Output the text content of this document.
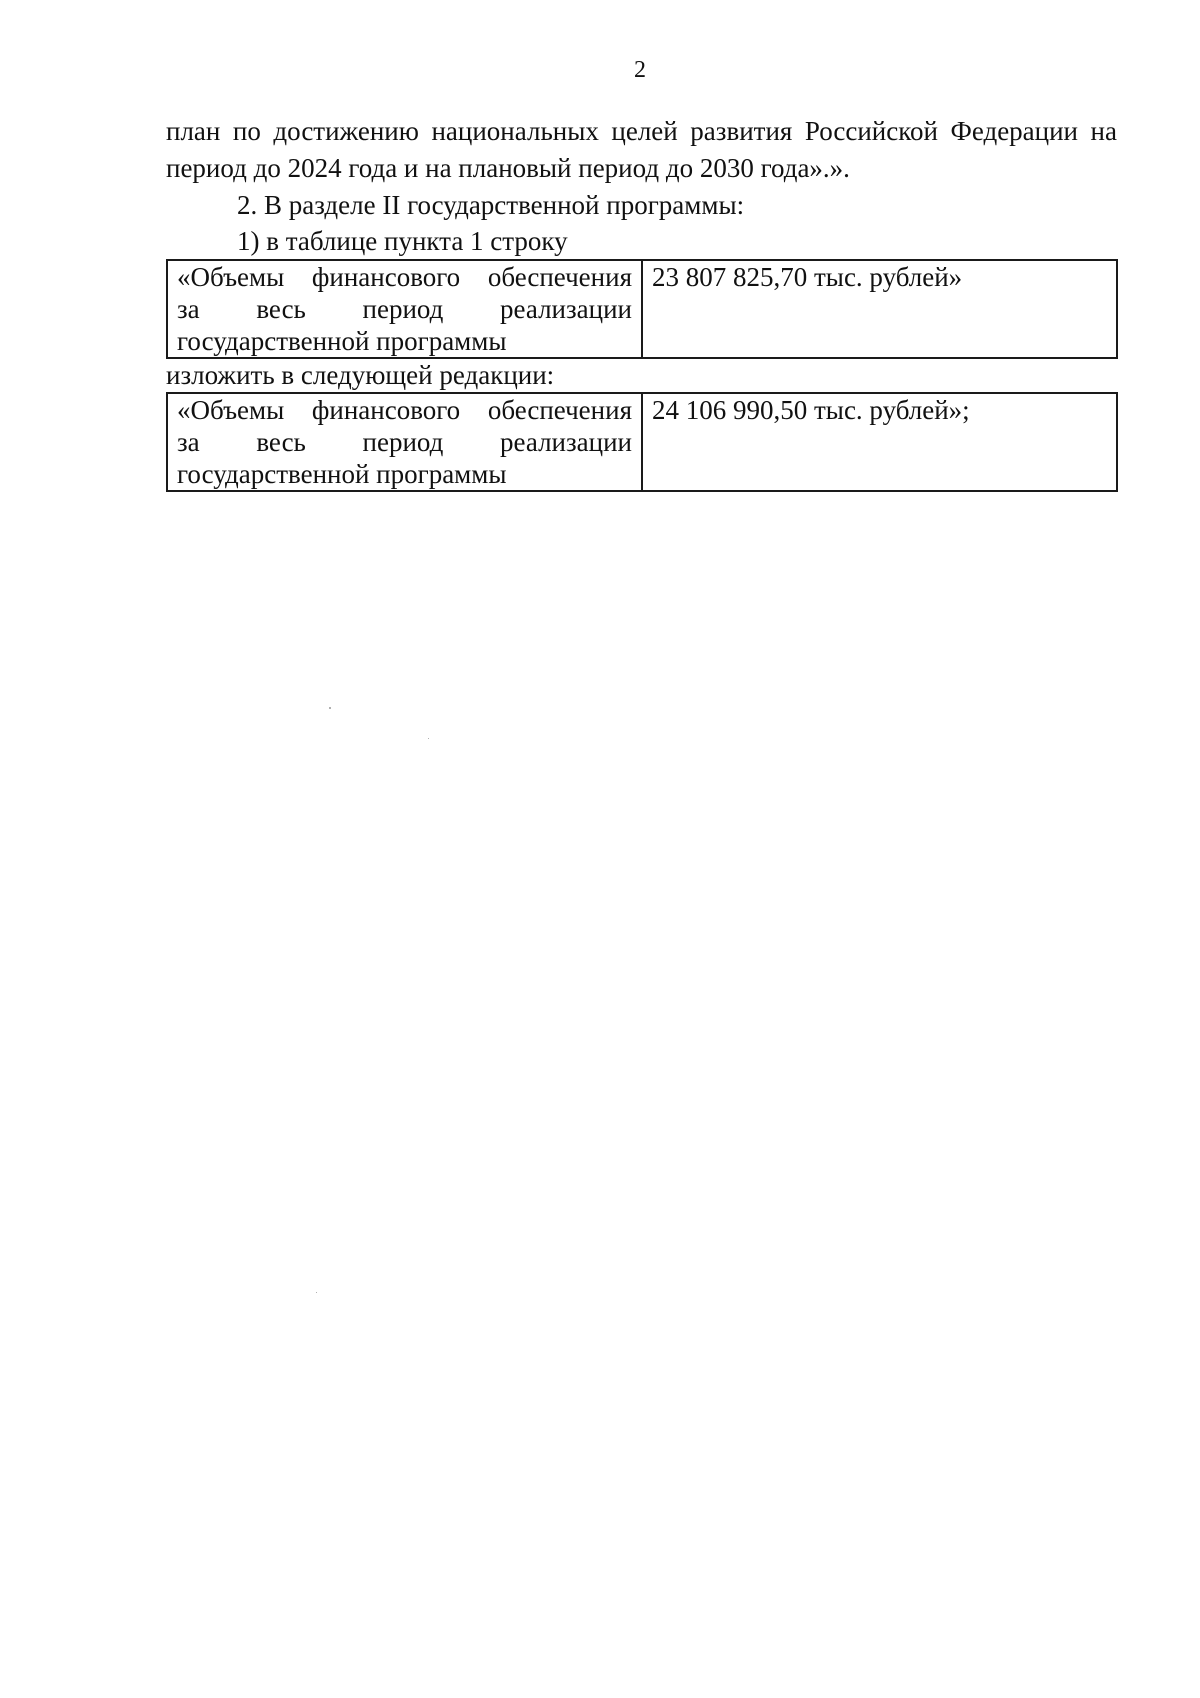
2

план по достижению национальных целей развития Российской Федерации на
период до 2024 года и на плановый период до 2030 года».».

2. В разделе II государственной программы:

1) в таблице пункта 1 строку

«Объемы финансового обеспечения
за весь период реализации
государственной программы
	23 807 825,70 тыс. рублей»

изложить в следующей редакции:

«Объемы финансового обеспечения
за весь период реализации
государственной программы
	24 106 990,50 тыс. рублей»;
